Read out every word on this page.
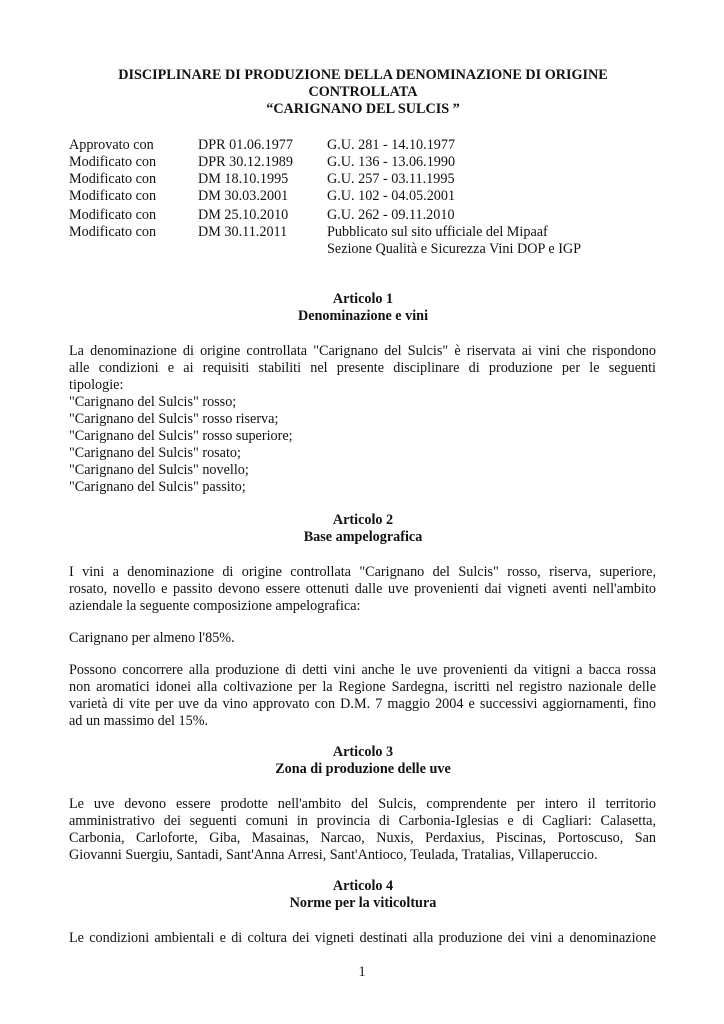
DISCIPLINARE DI PRODUZIONE DELLA DENOMINAZIONE DI ORIGINE
CONTROLLATA
“CARIGNANO DEL SULCIS ”
Approvato con	DPR 01.06.1977 G.U. 281 - 14.10.1977
Modificato con	DPR 30.12.1989 G.U. 136 - 13.06.1990
Modificato con	DM 18.10.1995	G.U. 257 - 03.11.1995
Modificato con	DM 30.03.2001	G.U. 102 - 04.05.2001
Modificato con	DM 25.10.2010	G.U. 262 - 09.11.2010
Modificato con	DM 30.11.2011	Pubblicato sul sito ufficiale del Mipaaf
Sezione Qualità e Sicurezza Vini DOP e IGP
Articolo 1
Denominazione e vini
La denominazione di origine controllata "Carignano del Sulcis" è riservata ai vini che rispondono
alle condizioni e ai requisiti stabiliti nel presente disciplinare di produzione per le seguenti
tipologie:
"Carignano del Sulcis" rosso;
"Carignano del Sulcis" rosso riserva;
"Carignano del Sulcis" rosso superiore;
"Carignano del Sulcis" rosato;
"Carignano del Sulcis" novello;
"Carignano del Sulcis" passito;
Articolo 2
Base ampelografica
I vini a denominazione di origine controllata "Carignano del Sulcis" rosso, riserva, superiore,
rosato, novello e passito devono essere ottenuti dalle uve provenienti dai vigneti aventi nell'ambito
aziendale la seguente composizione ampelografica:
Carignano per almeno l'85%.
Possono concorrere alla produzione di detti vini anche le uve provenienti da vitigni a bacca rossa
non aromatici idonei alla coltivazione per la Regione Sardegna, iscritti nel registro nazionale delle
varietà di vite per uve da vino approvato con D.M. 7 maggio 2004 e successivi aggiornamenti, fino
ad un massimo del 15%.
Articolo 3
Zona di produzione delle uve
Le uve devono essere prodotte nell'ambito del Sulcis, comprendente per intero il territorio
amministrativo dei seguenti comuni in provincia di Carbonia-Iglesias e di Cagliari: Calasetta,
Carbonia, Carloforte, Giba, Masainas, Narcao, Nuxis, Perdaxius, Piscinas, Portoscuso, San
Giovanni Suergiu, Santadi, Sant'Anna Arresi, Sant'Antioco, Teulada, Tratalias, Villaperuccio.
Articolo 4
Norme per la viticoltura
Le condizioni ambientali e di coltura dei vigneti destinati alla produzione dei vini a denominazione
1
